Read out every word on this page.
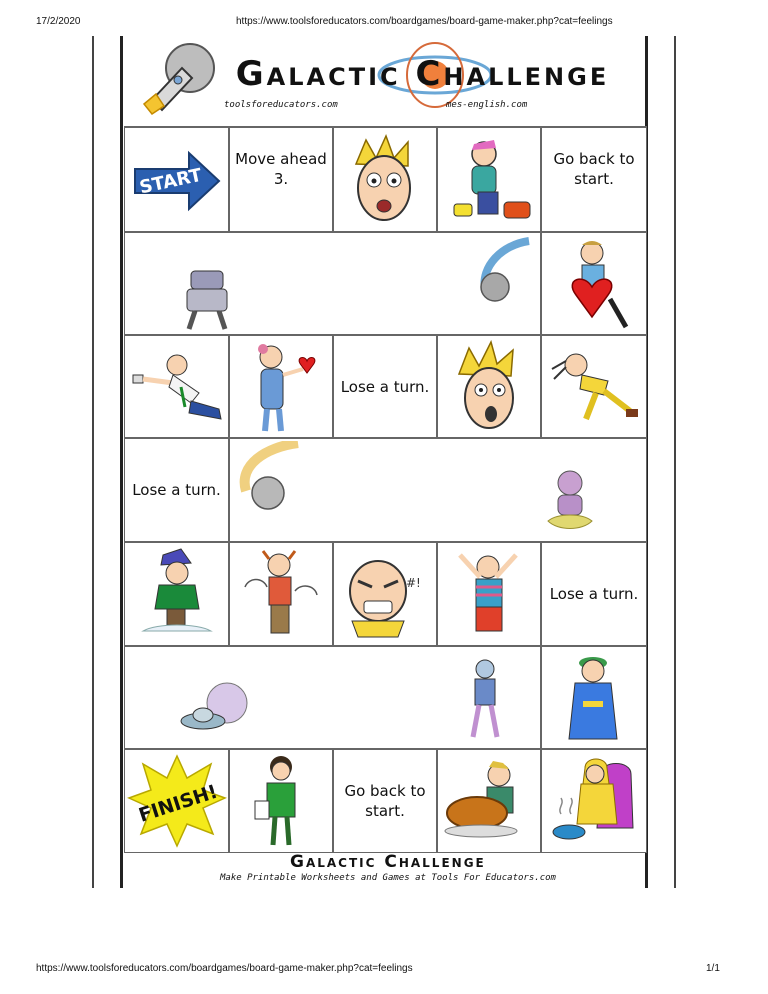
17/2/2020	https://www.toolsforeducators.com/boardgames/board-game-maker.php?cat=feelings
https://www.toolsforeducators.com/boardgames/board-game-maker.php?cat=feelings	1/1
Galactic Challenge
toolsforeducators.com	mes-english.com
START
Move ahead 3.
Go back to start.
Lose a turn.
Lose a turn.
#!
Lose a turn.
FINISH!	Go back to start.
Galactic Challenge
Make Printable Worksheets and Games at Tools For Educators.com
